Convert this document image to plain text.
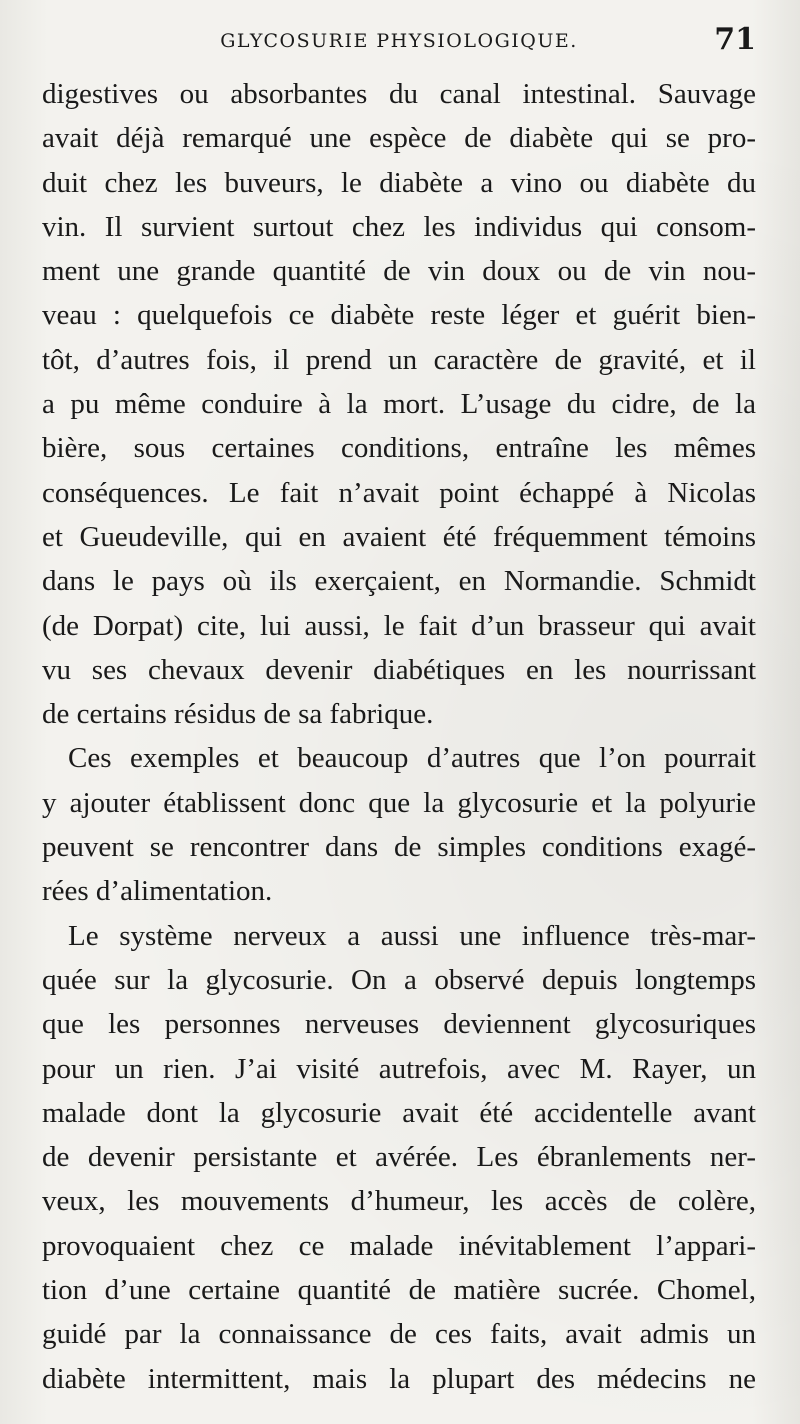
GLYCOSURIE PHYSIOLOGIQUE.	71
digestives ou absorbantes du canal intestinal. Sauvage
avait déjà remarqué une espèce de diabète qui se pro-
duit chez les buveurs, le diabète a vino ou diabète du
vin. Il survient surtout chez les individus qui consom-
ment une grande quantité de vin doux ou de vin nou-
veau : quelquefois ce diabète reste léger et guérit bien-
tôt, d’autres fois, il prend un caractère de gravité, et il
a pu même conduire à la mort. L’usage du cidre, de la
bière, sous certaines conditions, entraîne les mêmes
conséquences. Le fait n’avait point échappé à Nicolas
et Gueudeville, qui en avaient été fréquemment témoins
dans le pays où ils exerçaient, en Normandie. Schmidt
(de Dorpat) cite, lui aussi, le fait d’un brasseur qui avait
vu ses chevaux devenir diabétiques en les nourrissant
de certains résidus de sa fabrique.
Ces exemples et beaucoup d’autres que l’on pourrait
y ajouter établissent donc que la glycosurie et la polyurie
peuvent se rencontrer dans de simples conditions exagé-
rées d’alimentation.
Le système nerveux a aussi une influence très-mar-
quée sur la glycosurie. On a observé depuis longtemps
que les personnes nerveuses deviennent glycosuriques
pour un rien. J’ai visité autrefois, avec M. Rayer, un
malade dont la glycosurie avait été accidentelle avant
de devenir persistante et avérée. Les ébranlements ner-
veux, les mouvements d’humeur, les accès de colère,
provoquaient chez ce malade inévitablement l’appari-
tion d’une certaine quantité de matière sucrée. Chomel,
guidé par la connaissance de ces faits, avait admis un
diabète intermittent, mais la plupart des médecins ne
